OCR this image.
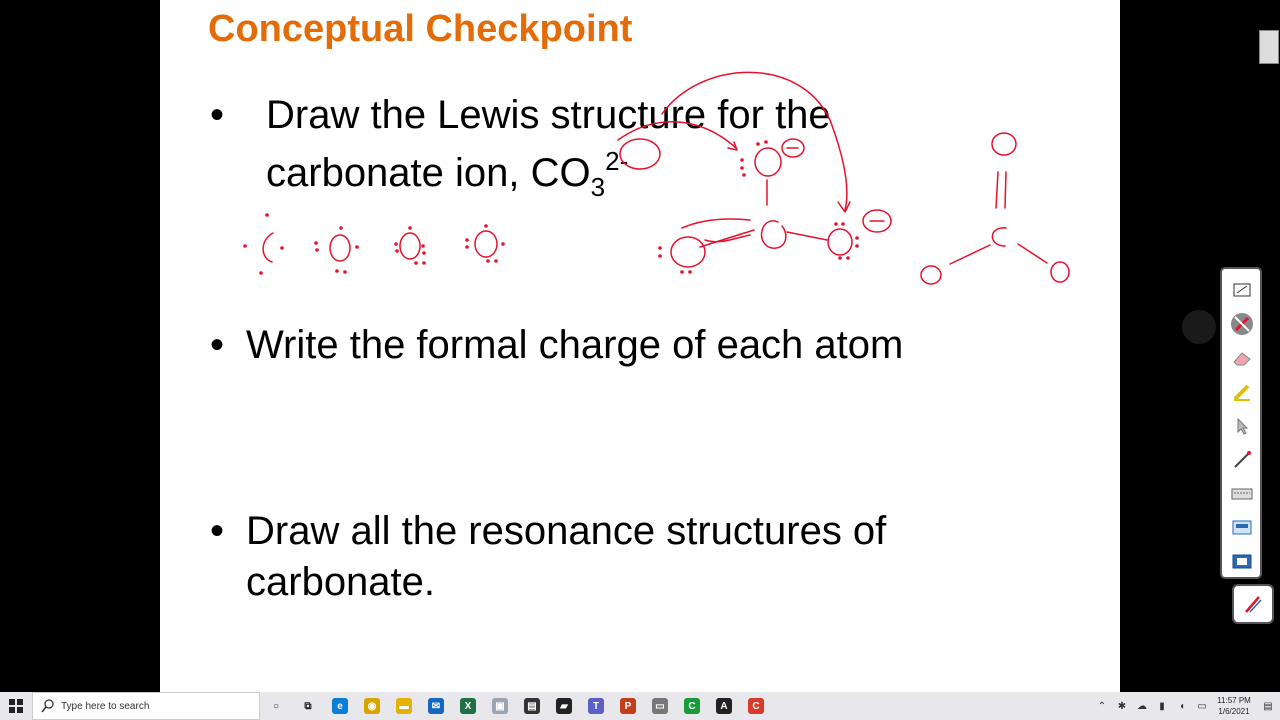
Conceptual Checkpoint
• Draw the Lewis structure for the
carbonate ion, $CO_3^{2-}$
• Write the formal charge of each atom
• Draw all the resonance structures of
carbonate.
Type here to search	○	⧉	e	◉	▬	✉	X	▣	▤	▰	T	P	▭	C	A	C	⌃	✱	☁	▮	◖	▭	11:57 PM
1/6/2021	▤
